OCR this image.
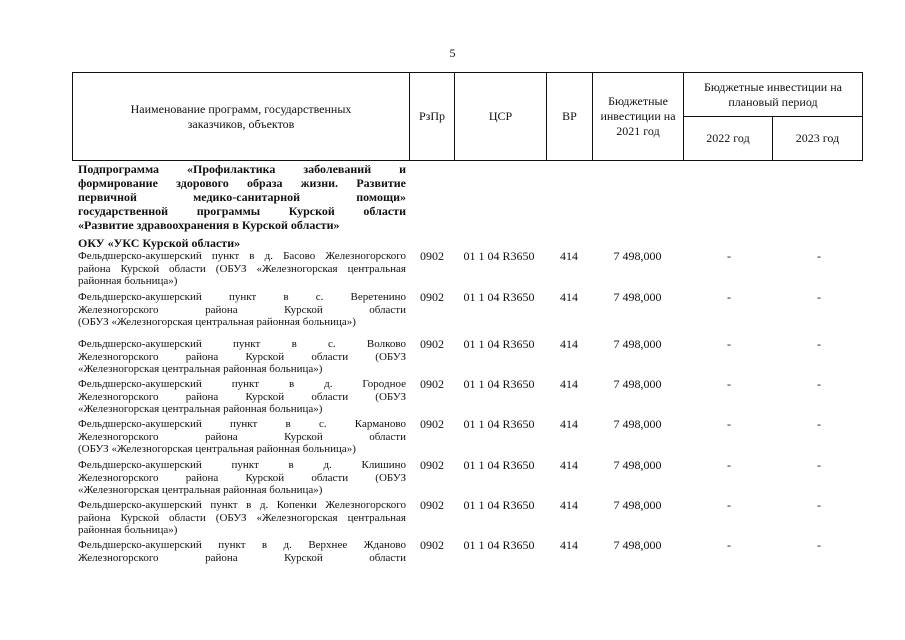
5
Наименование программ, государственных заказчиков, объектов	РзПр	ЦСР	ВР	Бюджетные инвестиции на 2021 год	Бюджетные инвестиции на плановый период	
					2022 год	2023 год
Подпрограмма «Профилактика заболеваний и
формирование здорового образа жизни. Развитие
первичной медико-санитарной помощи»
государственной программы Курской области
«Развитие здравоохранения в Курской области»
ОКУ «УКС Курской области»
Фельдшерско-акушерский пункт в д. Басово Железногорского
района Курской области (ОБУЗ «Железногорская центральная
районная больница»)
0902	01 1 04 R3650	414	7 498,000	-	-
Фельдшерско-акушерский пункт в с. Веретенино
Железногорского района Курской области
(ОБУЗ «Железногорская центральная районная больница»)
0902	01 1 04 R3650	414	7 498,000	-	-
Фельдшерско-акушерский пункт в с. Волково
Железногорского района Курской области (ОБУЗ
«Железногорская центральная районная больница»)
0902	01 1 04 R3650	414	7 498,000	-	-
Фельдшерско-акушерский пункт в д. Городное
Железногорского района Курской области (ОБУЗ
«Железногорская центральная районная больница»)
0902	01 1 04 R3650	414	7 498,000	-	-
Фельдшерско-акушерский пункт в с. Карманово
Железногорского района Курской области
(ОБУЗ «Железногорская центральная районная больница»)
0902	01 1 04 R3650	414	7 498,000	-	-
Фельдшерско-акушерский пункт в д. Клишино
Железногорского района Курской области (ОБУЗ
«Железногорская центральная районная больница»)
0902	01 1 04 R3650	414	7 498,000	-	-
Фельдшерско-акушерский пункт в д. Копенки Железногорского
района Курской области (ОБУЗ «Железногорская центральная
районная больница»)
0902	01 1 04 R3650	414	7 498,000	-	-
Фельдшерско-акушерский пункт в д. Верхнее Жданово
Железногорского района Курской области
0902	01 1 04 R3650	414	7 498,000	-	-
